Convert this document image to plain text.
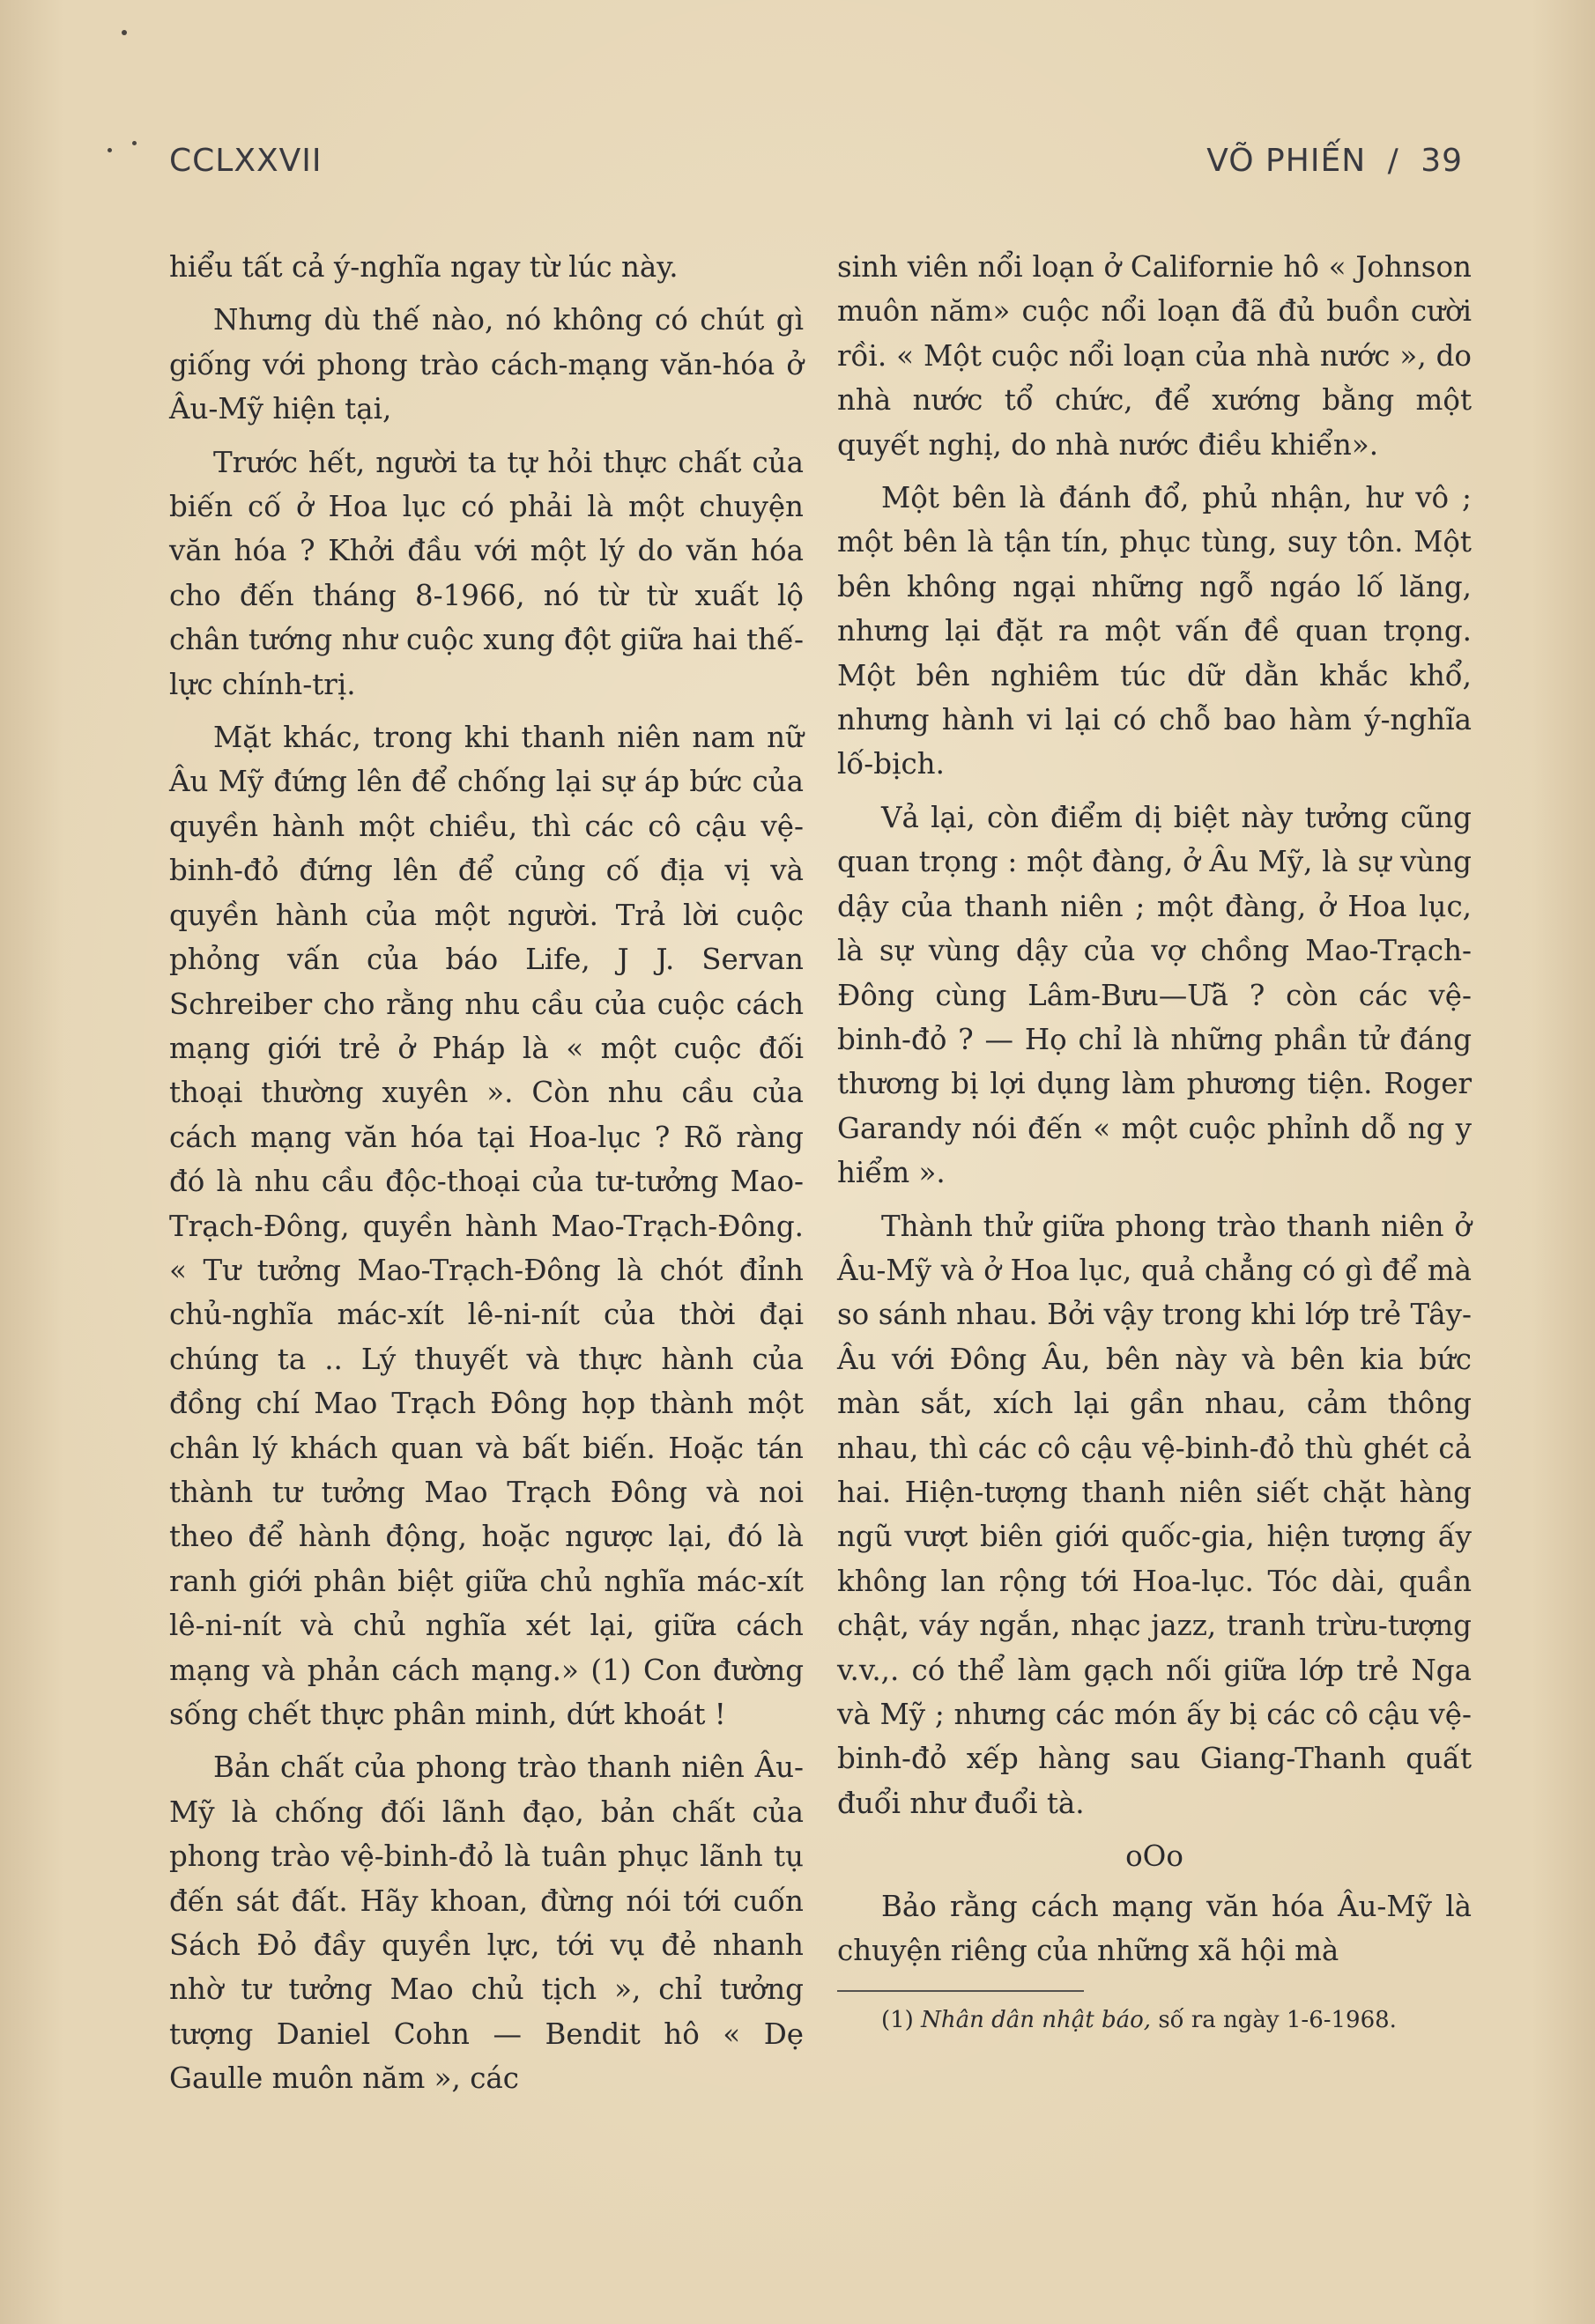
CCLXXVII	VÕ PHIẾN / 39

hiểu tất cả ý-nghĩa ngay từ lúc này.

Nhưng dù thế nào, nó không có chút gì giống với phong trào cách-mạng văn-hóa ở Âu-Mỹ hiện tại,

Trước hết, người ta tự hỏi thực chất của biến cố ở Hoa lục có phải là một chuyện văn hóa ? Khởi đầu với một lý do văn hóa cho đến tháng 8-1966, nó từ từ xuất lộ chân tướng như cuộc xung đột giữa hai thế-lực chính-trị.

Mặt khác, trong khi thanh niên nam nữ Âu Mỹ đứng lên để chống lại sự áp bức của quyền hành một chiều, thì các cô cậu vệ-binh-đỏ đứng lên để củng cố địa vị và quyền hành của một người. Trả lời cuộc phỏng vấn của báo Life, J J. Servan Schreiber cho rằng nhu cầu của cuộc cách mạng giới trẻ ở Pháp là « một cuộc đối thoại thường xuyên ». Còn nhu cầu của cách mạng văn hóa tại Hoa-lục ? Rõ ràng đó là nhu cầu độc-thoại của tư-tưởng Mao-Trạch-Đông, quyền hành Mao-Trạch-Đông. « Tư tưởng Mao-Trạch-Đông là chót đỉnh chủ-nghĩa mác-xít lê-ni-nít của thời đại chúng ta .. Lý thuyết và thực hành của đồng chí Mao Trạch Đông họp thành một chân lý khách quan và bất biến. Hoặc tán thành tư tưởng Mao Trạch Đông và noi theo để hành động, hoặc ngược lại, đó là ranh giới phân biệt giữa chủ nghĩa mác-xít lê-ni-nít và chủ nghĩa xét lại, giữa cách mạng và phản cách mạng.» (1) Con đường sống chết thực phân minh, dứt khoát !

Bản chất của phong trào thanh niên Âu-Mỹ là chống đối lãnh đạo, bản chất của phong trào vệ-binh-đỏ là tuân phục lãnh tụ đến sát đất. Hãy khoan, đừng nói tới cuốn Sách Đỏ đầy quyền lực, tới vụ đẻ nhanh nhờ tư tưởng Mao chủ tịch », chỉ tưởng tượng Daniel Cohn — Bendit hô « Dẹ Gaulle muôn năm », các

sinh viên nổi loạn ở Californie hô « Johnson muôn năm» cuộc nổi loạn đã đủ buồn cười rồi. « Một cuộc nổi loạn của nhà nước », do nhà nước tổ chức, để xướng bằng một quyết nghị, do nhà nước điều khiển».

Một bên là đánh đổ, phủ nhận, hư vô ; một bên là tận tín, phục tùng, suy tôn. Một bên không ngại những ngỗ ngáo lố lăng, nhưng lại đặt ra một vấn đề quan trọng. Một bên nghiêm túc dữ dằn khắc khổ, nhưng hành vi lại có chỗ bao hàm ý-nghĩa lố-bịch.

Vả lại, còn điểm dị biệt này tưởng cũng quan trọng : một đàng, ở Âu Mỹ, là sự vùng dậy của thanh niên ; một đàng, ở Hoa lục, là sự vùng dậy của vợ chồng Mao-Trạch-Đông cùng Lâm-Bưu—Ưã ? còn các vệ-binh-đỏ ? — Họ chỉ là những phần tử đáng thương bị lợi dụng làm phương tiện. Roger Garandy nói đến « một cuộc phỉnh dỗ ng y hiểm ».

Thành thử giữa phong trào thanh niên ở Âu-Mỹ và ở Hoa lục, quả chẳng có gì để mà so sánh nhau. Bởi vậy trong khi lớp trẻ Tây-Âu với Đông Âu, bên này và bên kia bức màn sắt, xích lại gần nhau, cảm thông nhau, thì các cô cậu vệ-binh-đỏ thù ghét cả hai. Hiện-tượng thanh niên siết chặt hàng ngũ vượt biên giới quốc-gia, hiện tượng ấy không lan rộng tới Hoa-lục. Tóc dài, quần chật, váy ngắn, nhạc jazz, tranh trừu-tượng v.v.,. có thể làm gạch nối giữa lớp trẻ Nga và Mỹ ; nhưng các món ấy bị các cô cậu vệ-binh-đỏ xếp hàng sau Giang-Thanh quất đuổi như đuổi tà.

oOo

Bảo rằng cách mạng văn hóa Âu-Mỹ là chuyện riêng của những xã hội mà

(1) Nhân dân nhật báo, số ra ngày 1-6-1968.
